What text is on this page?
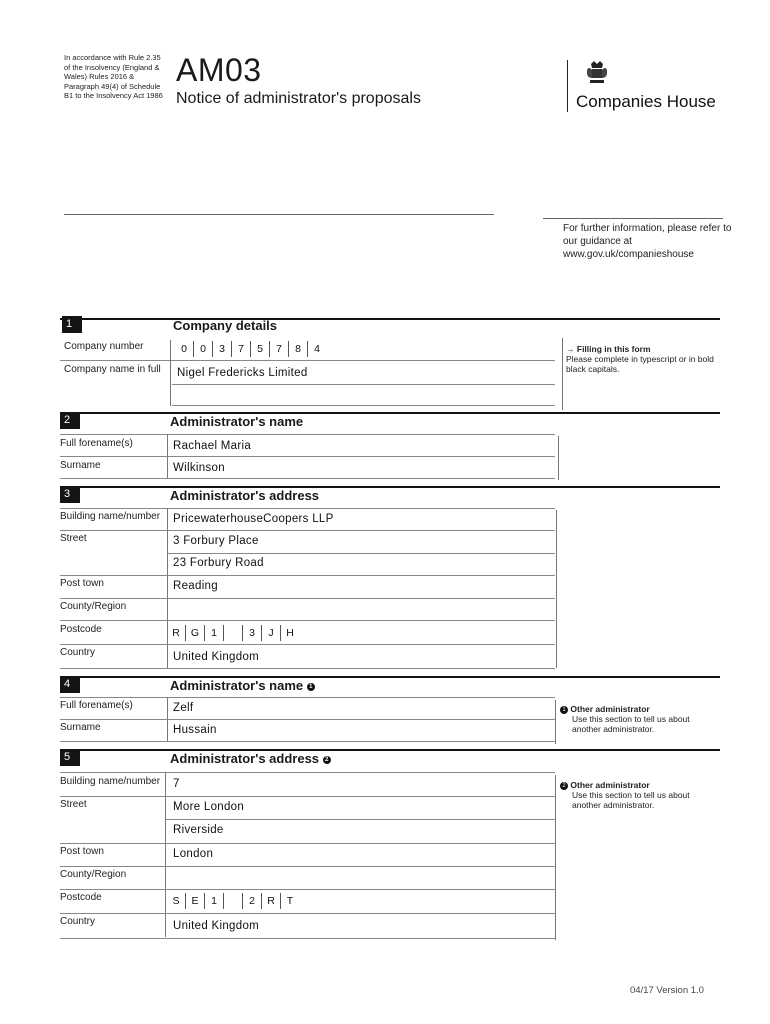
In accordance with Rule 2.35 of the Insolvency (England & Wales) Rules 2016 & Paragraph 49(4) of Schedule B1 to the Insolvency Act 1986
AM03
Notice of administrator's proposals	Companies House
For further information, please refer to our guidance at www.gov.uk/companieshouse
1	Company details
Company number	0	0	3	7	5	7	8	4
Company name in full Nigel Fredericks Limited
→ Filling in this form
Please complete in typescript or in bold black capitals.
2	Administrator's name
Full forename(s)	Rachael Maria
Surname	Wilkinson
3	Administrator's address
Building name/number PricewaterhouseCoopers LLP
Street	3 Forbury Place
23 Forbury Road
Post town	Reading
County/Region
Postcode	R	G	1	3	J	H
Country	United Kingdom
4	Administrator's name 1
Full forename(s)	Zelf
Surname	Hussain
1 Other administrator
Use this section to tell us about another administrator.
5	Administrator's address 2
2 Other administrator
Use this section to tell us about another administrator.
Building name/number 7
Street	More London
Riverside
Post town	London
County/Region
Postcode	S	E	1	2	R	T
Country	United Kingdom
04/17 Version 1.0
